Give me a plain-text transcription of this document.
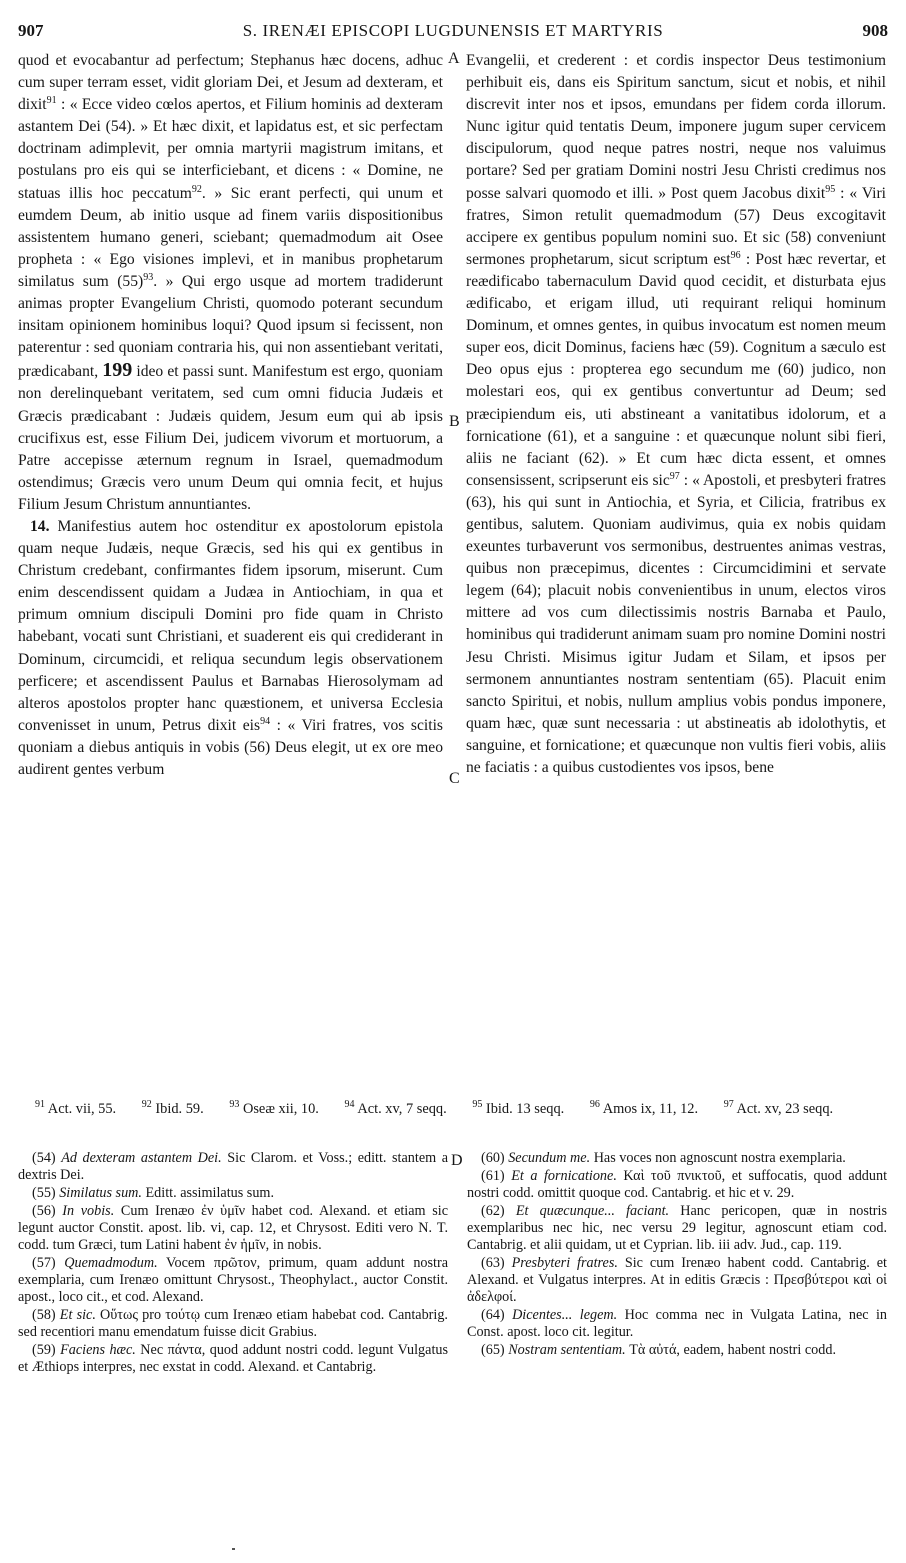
907	S. IRENÆI EPISCOPI LUGDUNENSIS ET MARTYRIS	908
A
B
C
D

quod et evocabantur ad perfectum; Stephanus hæc docens, adhuc cum super terram esset, vidit gloriam Dei, et Jesum ad dexteram, et dixit$^{91}$ : « Ecce video cœlos apertos, et Filium hominis ad dexteram astantem Dei (54). » Et hæc dixit, et lapidatus est, et sic perfectam doctrinam adimplevit, per omnia martyrii magistrum imitans, et postulans pro eis qui se interficiebant, et dicens : « Domine, ne statuas illis hoc peccatum$^{92}$. » Sic erant perfecti, qui unum et eumdem Deum, ab initio usque ad finem variis dispositionibus assistentem humano generi, sciebant; quemadmodum ait Osee propheta : « Ego visiones implevi, et in manibus prophetarum similatus sum $(55)^{93}$. » Qui ergo usque ad mortem tradiderunt animas propter Evangelium Christi, quomodo poterant secundum insitam opinionem hominibus loqui? Quod ipsum si fecissent, non paterentur : sed quoniam contraria his, qui non assentiebant veritati, prædicabant, 199 ideo et passi sunt. Manifestum est ergo, quoniam non derelinquebant veritatem, sed cum omni fiducia Judæis et Græcis prædicabant : Judæis quidem, Jesum eum qui ab ipsis crucifixus est, esse Filium Dei, judicem vivorum et mortuorum, a Patre accepisse æternum regnum in Israel, quemadmodum ostendimus; Græcis vero unum Deum qui omnia fecit, et hujus Filium Jesum Christum annuntiantes.

14. Manifestius autem hoc ostenditur ex apostolorum epistola quam neque Judæis, neque Græcis, sed his qui ex gentibus in Christum credebant, confirmantes fidem ipsorum, miserunt. Cum enim descendissent quidam a Judæa in Antiochiam, in qua et primum omnium discipuli Domini pro fide quam in Christo habebant, vocati sunt Christiani, et suaderent eis qui crediderant in Dominum, circumcidi, et reliqua secundum legis observationem perficere; et ascendissent Paulus et Barnabas Hierosolymam ad alteros apostolos propter hanc quæstionem, et universa Ecclesia convenisset in unum, Petrus dixit eis$^{94}$ : « Viri fratres, vos scitis quoniam a diebus antiquis in vobis (56) Deus elegit, ut ex ore meo audirent gentes verbum

Evangelii, et crederent : et cordis inspector Deus testimonium perhibuit eis, dans eis Spiritum sanctum, sicut et nobis, et nihil discrevit inter nos et ipsos, emundans per fidem corda illorum. Nunc igitur quid tentatis Deum, imponere jugum super cervicem discipulorum, quod neque patres nostri, neque nos valuimus portare? Sed per gratiam Domini nostri Jesu Christi credimus nos posse salvari quomodo et illi. » Post quem Jacobus dixit$^{95}$ : « Viri fratres, Simon retulit quemadmodum (57) Deus excogitavit accipere ex gentibus populum nomini suo. Et sic (58) conveniunt sermones prophetarum, sicut scriptum est$^{96}$ : Post hæc revertar, et reædificabo tabernaculum David quod cecidit, et disturbata ejus ædificabo, et erigam illud, uti requirant reliqui hominum Dominum, et omnes gentes, in quibus invocatum est nomen meum super eos, dicit Dominus, faciens hæc (59). Cognitum a sæculo est Deo opus ejus : propterea ego secundum me (60) judico, non molestari eos, qui ex gentibus convertuntur ad Deum; sed præcipiendum eis, uti abstineant a vanitatibus idolorum, et a fornicatione (61), et a sanguine : et quæcunque nolunt sibi fieri, aliis ne faciant (62). » Et cum hæc dicta essent, et omnes consensissent, scripserunt eis sic$^{97}$ : « Apostoli, et presbyteri fratres (63), his qui sunt in Antiochia, et Syria, et Cilicia, fratribus ex gentibus, salutem. Quoniam audivimus, quia ex nobis quidam exeuntes turbaverunt vos sermonibus, destruentes animas vestras, quibus non præcepimus, dicentes : Circumcidimini et servate legem (64); placuit nobis convenientibus in unum, electos viros mittere ad vos cum dilectissimis nostris Barnaba et Paulo, hominibus qui tradiderunt animam suam pro nomine Domini nostri Jesu Christi. Misimus igitur Judam et Silam, et ipsos per sermonem annuntiantes nostram sententiam (65). Placuit enim sancto Spiritui, et nobis, nullum amplius vobis pondus imponere, quam hæc, quæ sunt necessaria : ut abstineatis ab idolothytis, et sanguine, et fornicatione; et quæcunque non vultis fieri vobis, aliis ne faciatis : a quibus custodientes vos ipsos, bene

$^{91}$ Act. vii, 55.	$^{92}$ Ibid. 59.	$^{93}$ Oseæ xii, 10.	$^{94}$ Act. xv, 7 seqq.	$^{95}$ Ibid. 13 seqq.	$^{96}$ Amos ix, 11, 12.	$^{97}$ Act. xv, 23 seqq.

(54) Ad dexteram astantem Dei. Sic Clarom. et Voss.; editt. stantem a dextris Dei.

(55) Similatus sum. Editt. assimilatus sum.

(56) In vobis. Cum Irenæo ἐν ὑμῖν habet cod. Alexand. et etiam sic legunt auctor Constit. apost. lib. vi, cap. 12, et Chrysost. Editi vero N. T. codd. tum Græci, tum Latini habent ἐν ἡμῖν, in nobis.

(57) Quemadmodum. Vocem πρῶτον, primum, quam addunt nostra exemplaria, cum Irenæo omittunt Chrysost., Theophylact., auctor Constit. apost., loco cit., et cod. Alexand.

(58) Et sic. Οὕτως pro τούτῳ cum Irenæo etiam habebat cod. Cantabrig. sed recentiori manu emendatum fuisse dicit Grabius.

(59) Faciens hæc. Nec πάντα, quod addunt nostri codd. legunt Vulgatus et Æthiops interpres, nec exstat in codd. Alexand. et Cantabrig.

(60) Secundum me. Has voces non agnoscunt nostra exemplaria.

(61) Et a fornicatione. Καὶ τοῦ πνικτοῦ, et suffocatis, quod addunt nostri codd. omittit quoque cod. Cantabrig. et hic et v. 29.

(62) Et quæcunque... faciant. Hanc pericopen, quæ in nostris exemplaribus nec hic, nec versu 29 legitur, agnoscunt etiam cod. Cantabrig. et alii quidam, ut et Cyprian. lib. iii adv. Jud., cap. 119.

(63) Presbyteri fratres. Sic cum Irenæo habent codd. Cantabrig. et Alexand. et Vulgatus interpres. At in editis Græcis : Πρεσβύτεροι καὶ οἱ ἀδελφοί.

(64) Dicentes... legem. Hoc comma nec in Vulgata Latina, nec in Const. apost. loco cit. legitur.

(65) Nostram sententiam. Τὰ αὐτά, eadem, habent nostri codd.
